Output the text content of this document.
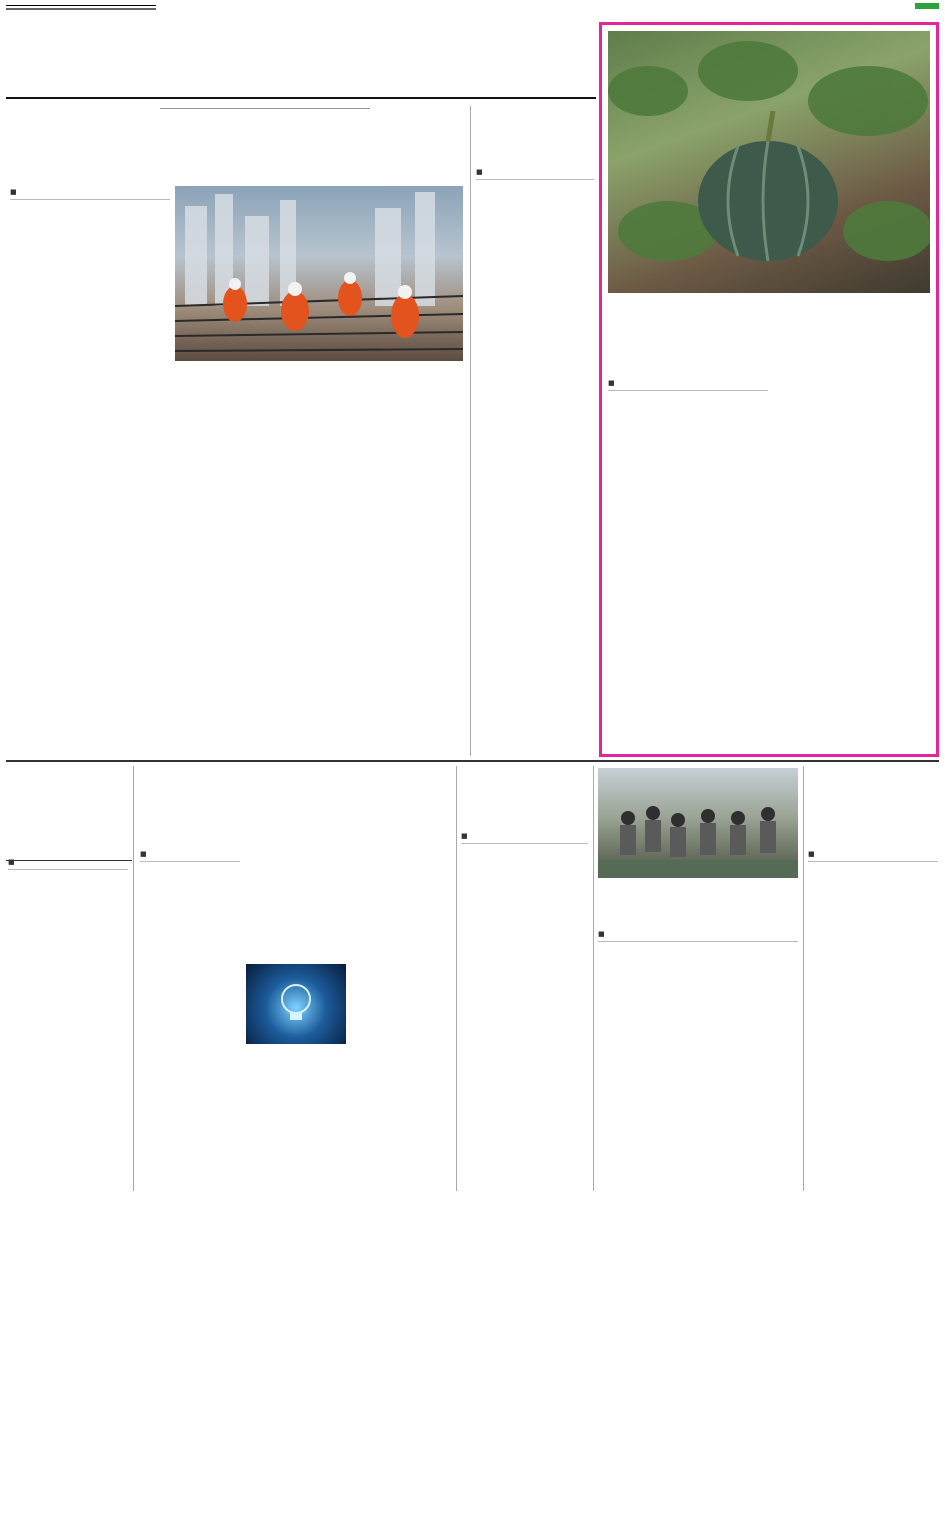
■
■
■
■
■
■
■
■
